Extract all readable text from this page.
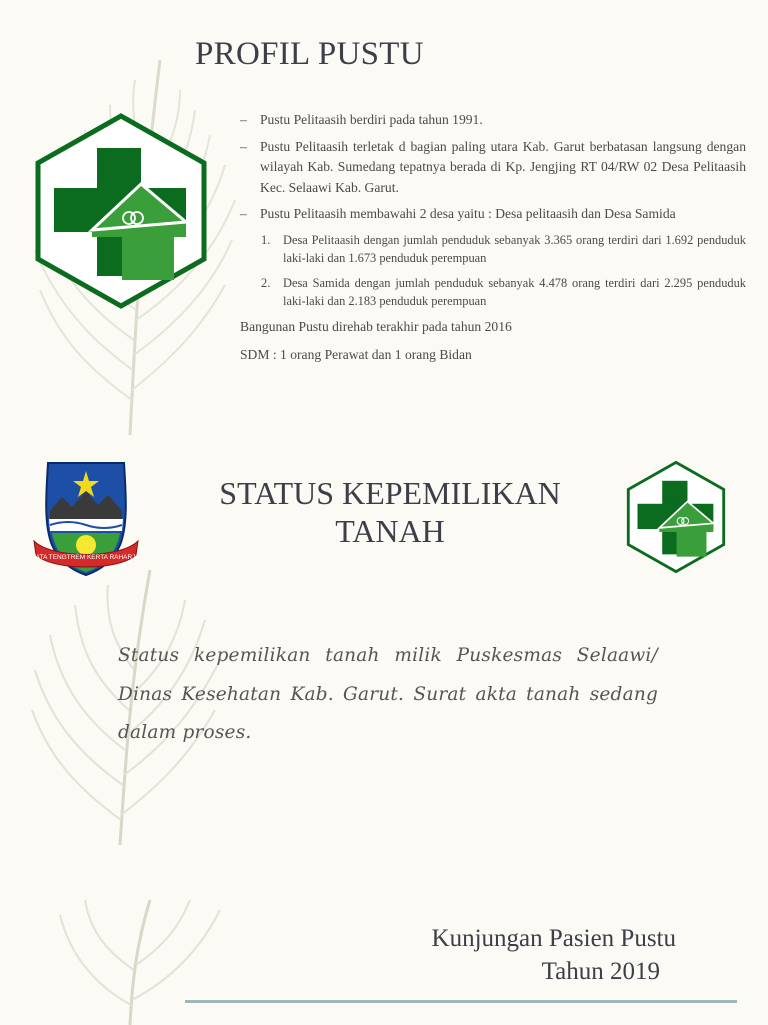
PROFIL PUSTU
– Pustu Pelitaasih berdiri pada tahun 1991.
– Pustu Pelitaasih terletak d bagian paling utara Kab. Garut berbatasan langsung dengan wilayah Kab. Sumedang tepatnya berada di Kp. Jengjing RT 04/RW 02 Desa Pelitaasih Kec. Selaawi Kab. Garut.
– Pustu Pelitaasih membawahi 2 desa yaitu : Desa pelitaasih dan Desa Samida
1. Desa Pelitaasih dengan jumlah penduduk sebanyak 3.365 orang terdiri dari 1.692 penduduk laki-laki dan 1.673 penduduk perempuan
2. Desa Samida dengan jumlah penduduk sebanyak 4.478 orang terdiri dari 2.295 penduduk laki-laki dan 2.183 penduduk perempuan
Bangunan Pustu direhab terakhir pada tahun 2016
SDM : 1 orang Perawat dan 1 orang Bidan
TATA TENGTREM KERTA RAHARJA
STATUS KEPEMILIKAN
TANAH
Status kepemilikan tanah milik Puskesmas Selaawi/ Dinas Kesehatan Kab. Garut. Surat akta tanah sedang dalam proses.
Kunjungan Pasien Pustu
Tahun 2019
